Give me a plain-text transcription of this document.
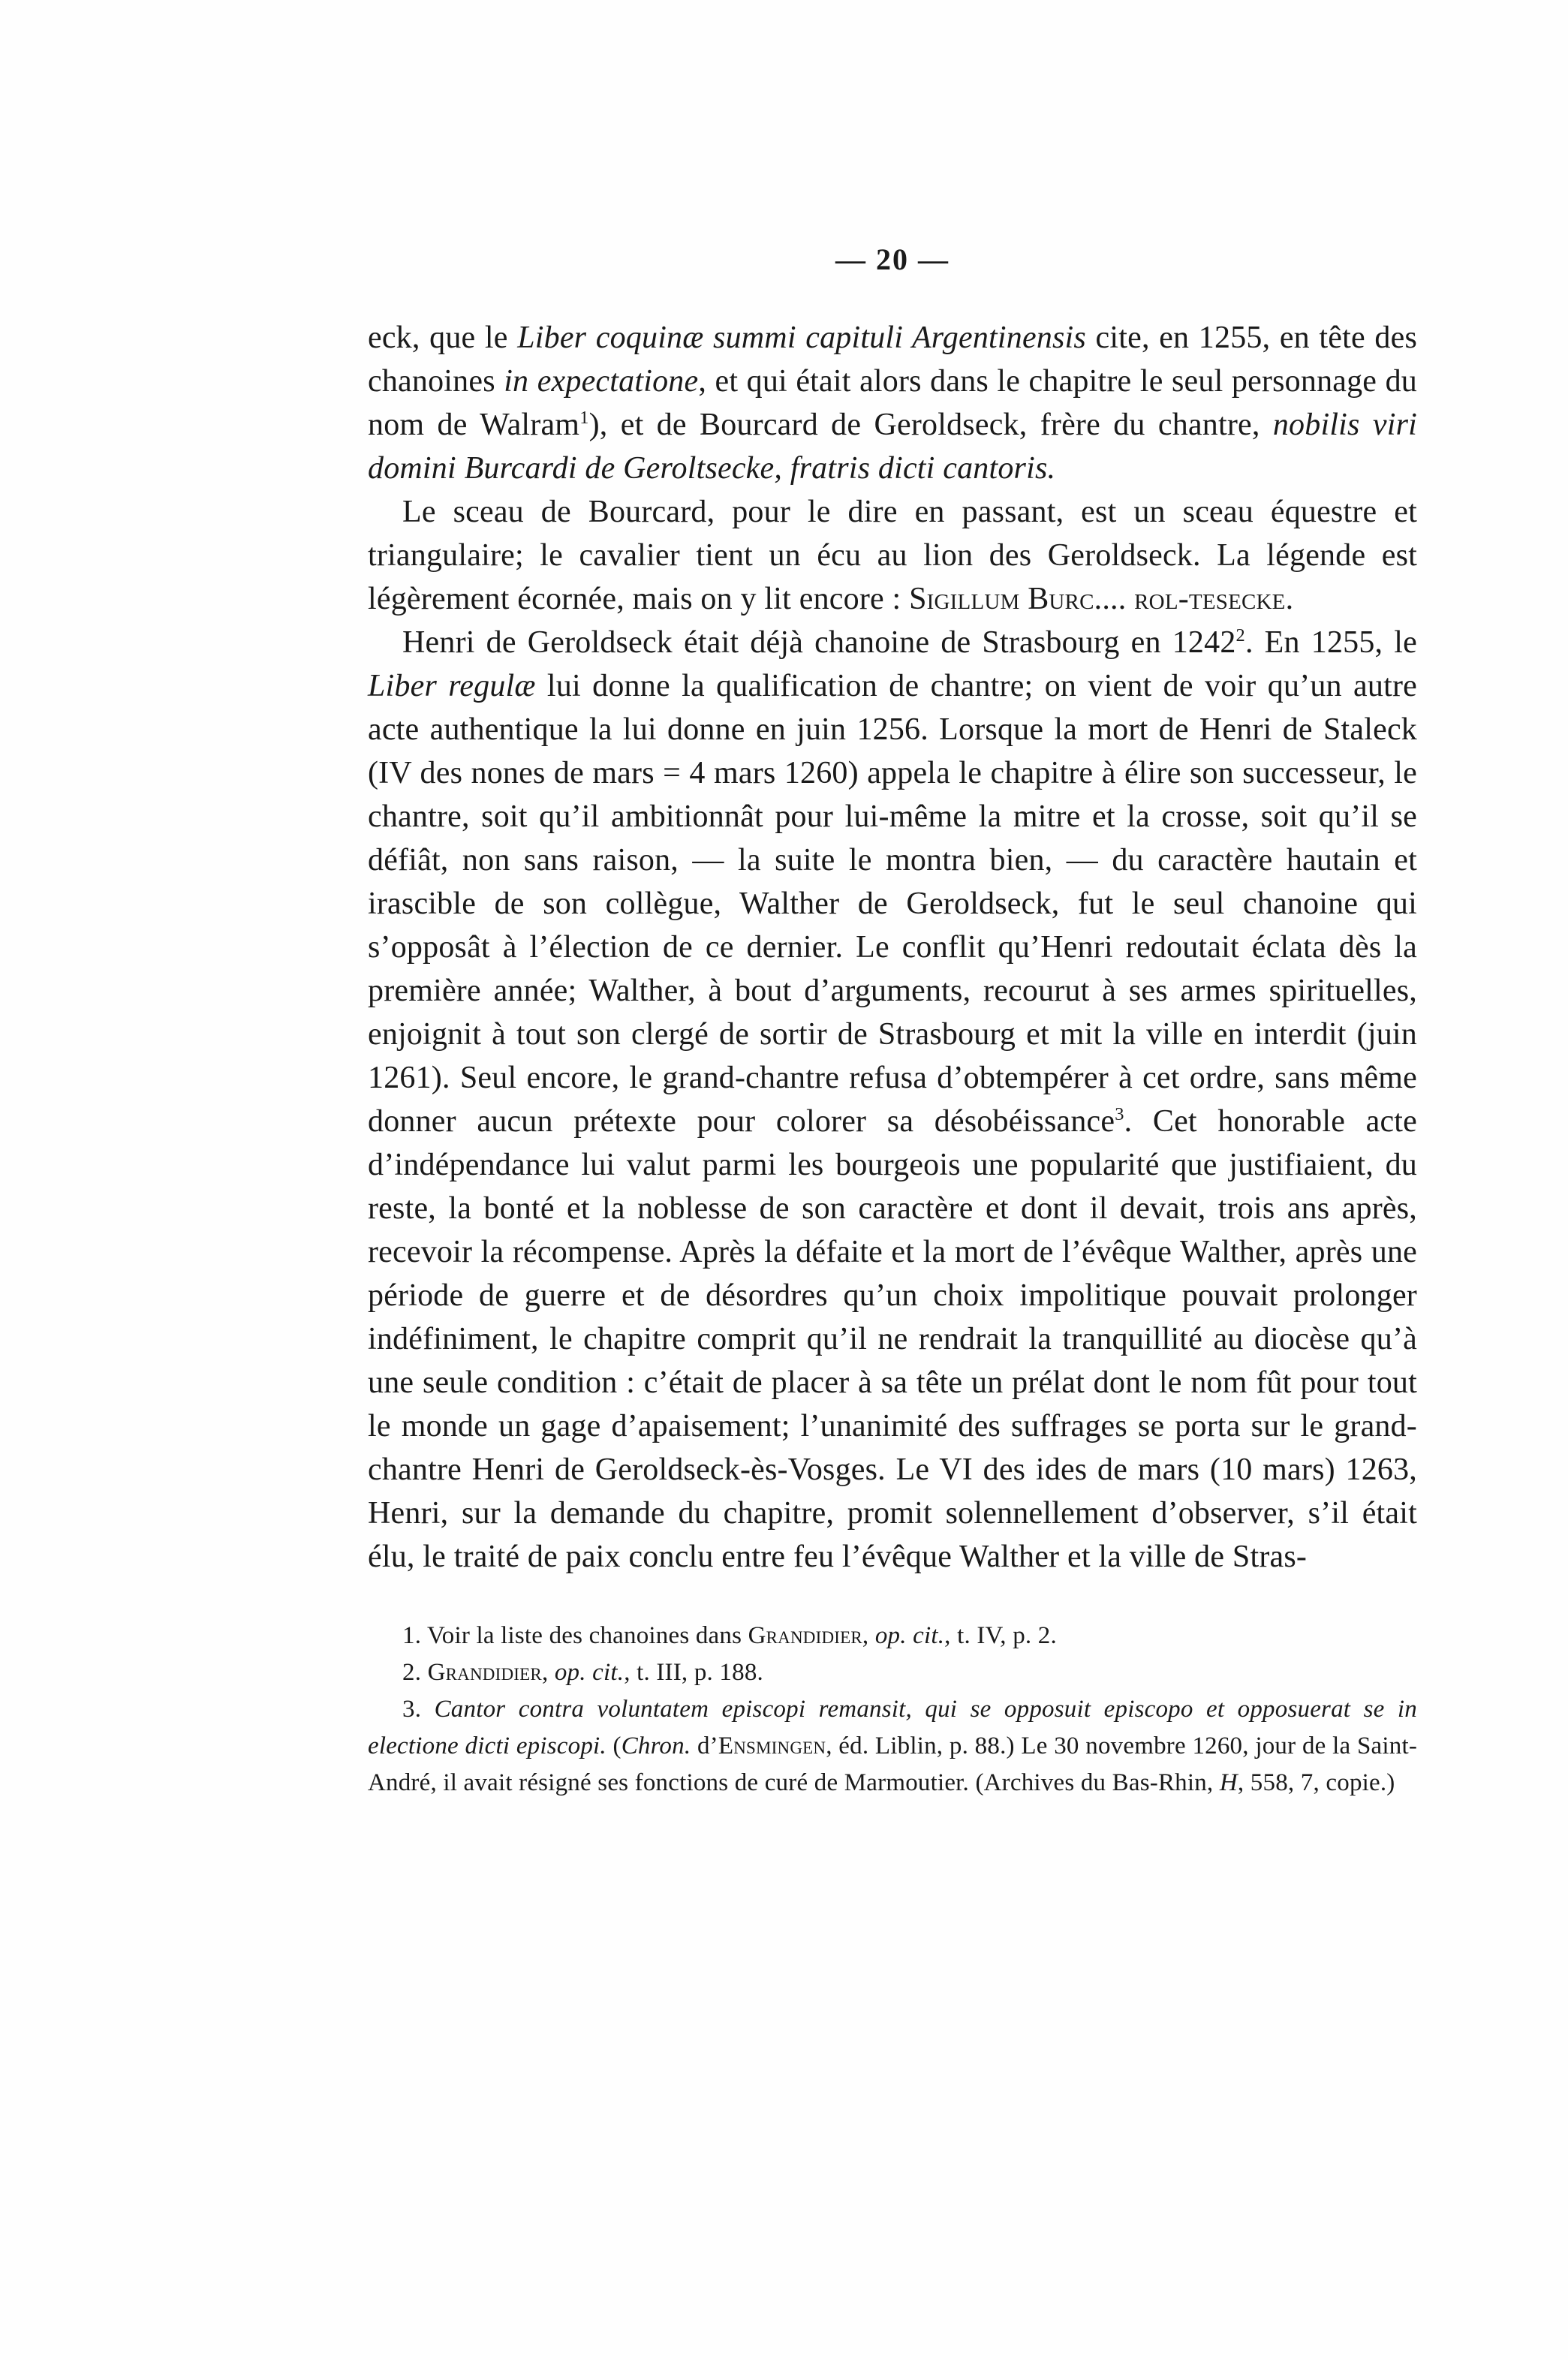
— 20 —

eck, que le Liber coquinæ summi capituli Argentinensis cite, en 1255, en tête des chanoines in expectatione, et qui était alors dans le chapitre le seul personnage du nom de Walram$^1$), et de Bourcard de Geroldseck, frère du chantre, nobilis viri domini Burcardi de Geroltsecke, fratris dicti cantoris.

Le sceau de Bourcard, pour le dire en passant, est un sceau équestre et triangulaire; le cavalier tient un écu au lion des Geroldseck. La légende est légèrement écornée, mais on y lit encore : Sigillum Burc.... rol-tesecke.

Henri de Geroldseck était déjà chanoine de Strasbourg en 1242$^2$. En 1255, le Liber regulæ lui donne la qualification de chantre; on vient de voir qu’un autre acte authentique la lui donne en juin 1256. Lorsque la mort de Henri de Staleck (IV des nones de mars = 4 mars 1260) appela le chapitre à élire son successeur, le chantre, soit qu’il ambitionnât pour lui-même la mitre et la crosse, soit qu’il se défiât, non sans raison, — la suite le montra bien, — du caractère hautain et irascible de son collègue, Walther de Geroldseck, fut le seul chanoine qui s’opposât à l’élection de ce dernier. Le conflit qu’Henri redoutait éclata dès la première année; Walther, à bout d’arguments, recourut à ses armes spirituelles, enjoignit à tout son clergé de sortir de Strasbourg et mit la ville en interdit (juin 1261). Seul encore, le grand-chantre refusa d’obtempérer à cet ordre, sans même donner aucun prétexte pour colorer sa désobéissance$^3$. Cet honorable acte d’indépendance lui valut parmi les bourgeois une popularité que justifiaient, du reste, la bonté et la noblesse de son caractère et dont il devait, trois ans après, recevoir la récompense. Après la défaite et la mort de l’évêque Walther, après une période de guerre et de désordres qu’un choix impolitique pouvait prolonger indéfiniment, le chapitre comprit qu’il ne rendrait la tranquillité au diocèse qu’à une seule condition : c’était de placer à sa tête un prélat dont le nom fût pour tout le monde un gage d’apaisement; l’unanimité des suffrages se porta sur le grand-chantre Henri de Geroldseck-ès-Vosges. Le VI des ides de mars (10 mars) 1263, Henri, sur la demande du chapitre, promit solennellement d’observer, s’il était élu, le traité de paix conclu entre feu l’évêque Walther et la ville de Stras-

1. Voir la liste des chanoines dans Grandidier, op. cit., t. IV, p. 2.

2. Grandidier, op. cit., t. III, p. 188.

3. Cantor contra voluntatem episcopi remansit, qui se opposuit episcopo et opposuerat se in electione dicti episcopi. (Chron. d’Ensmingen, éd. Liblin, p. 88.) Le 30 novembre 1260, jour de la Saint-André, il avait résigné ses fonctions de curé de Marmoutier. (Archives du Bas-Rhin, H, 558, 7, copie.)
